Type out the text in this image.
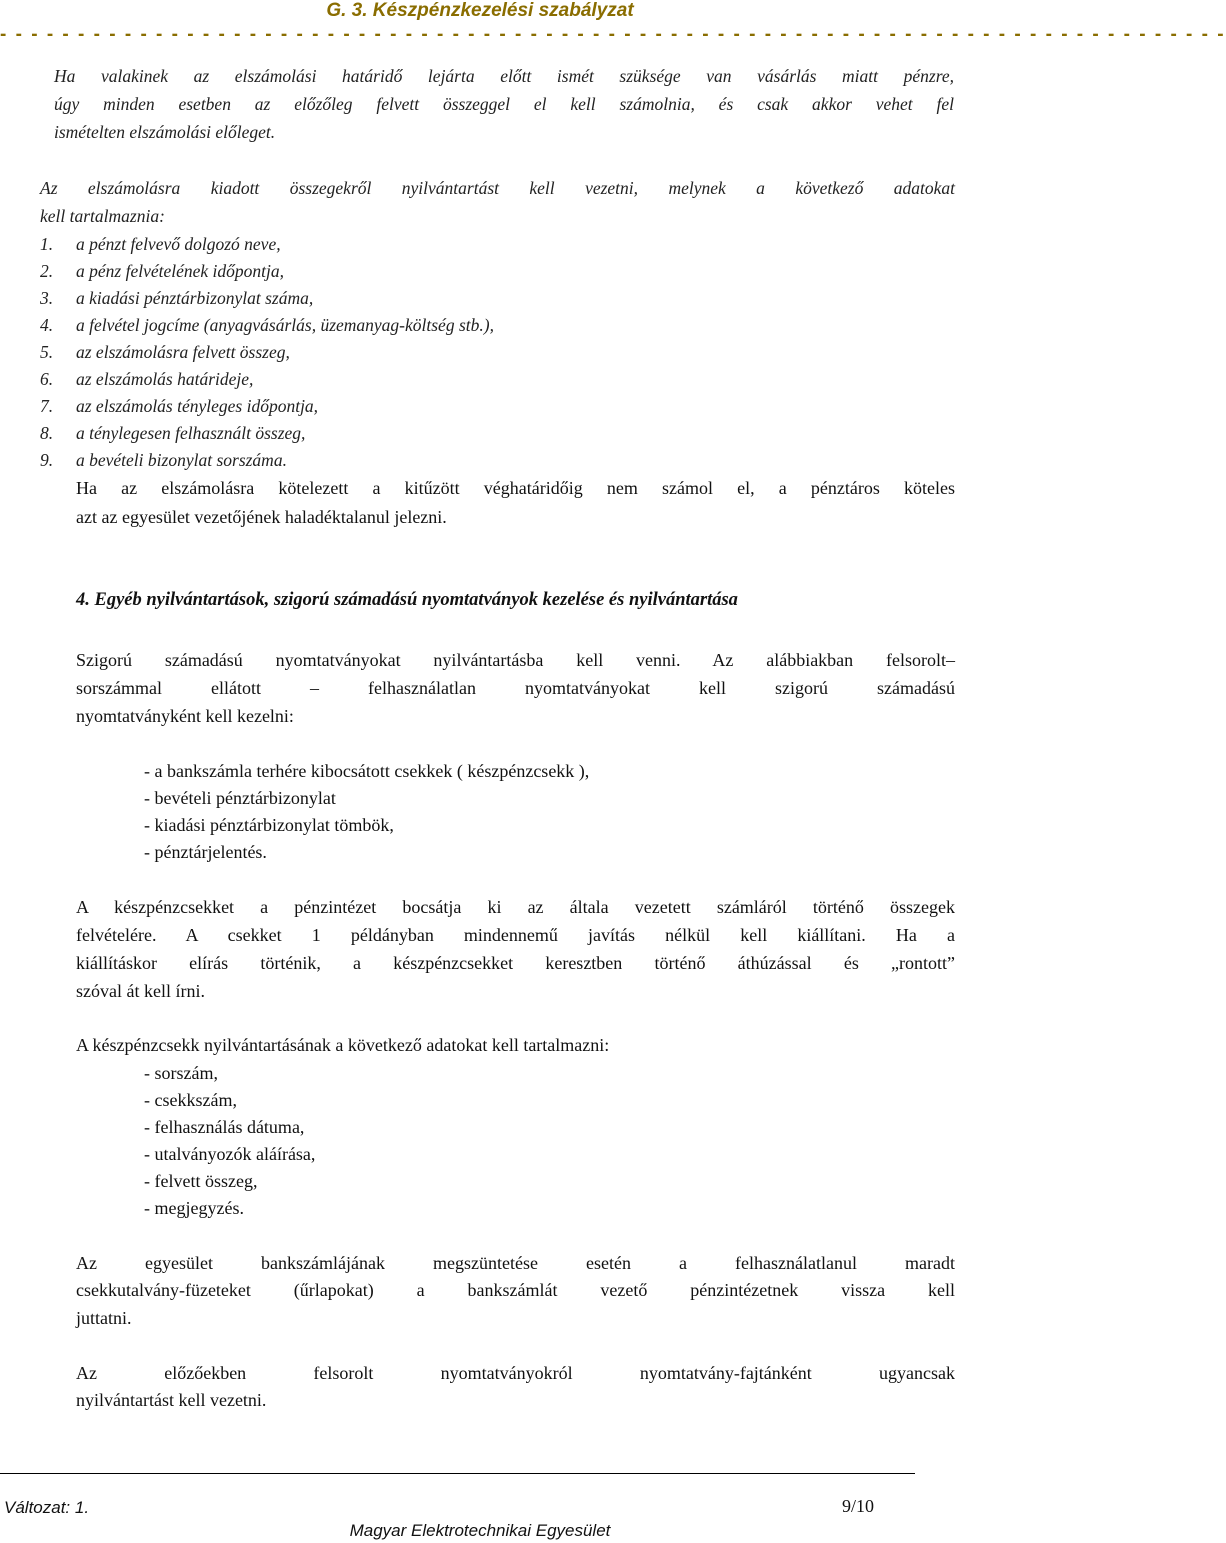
G. 3. Készpénzkezelési szabályzat
- - - - - - - - - - - - - - - - - - - - - - - - - - - - - - - - - - - - - - - - - - - - - - - - - - - - - - - - - - - - - - - - - - - - - - - - - - - - - - -
Ha valakinek az elszámolási határidő lejárta előtt ismét szüksége van vásárlás miatt pénzre,
úgy minden esetben az előzőleg felvett összeggel el kell számolnia, és csak akkor vehet fel
ismételten elszámolási előleget.
Az elszámolásra kiadott összegekről nyilvántartást kell vezetni, melynek a következő adatokat
kell tartalmaznia:
1. a pénzt felvevő dolgozó neve,
2. a pénz felvételének időpontja,
3. a kiadási pénztárbizonylat száma,
4. a felvétel jogcíme (anyagvásárlás, üzemanyag-költség stb.),
5. az elszámolásra felvett összeg,
6. az elszámolás határideje,
7. az elszámolás tényleges időpontja,
8. a ténylegesen felhasznált összeg,
9. a bevételi bizonylat sorszáma.
Ha az elszámolásra kötelezett a kitűzött véghatáridőig nem számol el, a pénztáros köteles
azt az egyesület vezetőjének haladéktalanul jelezni.
4. Egyéb nyilvántartások, szigorú számadású nyomtatványok kezelése és nyilvántartása
Szigorú számadású nyomtatványokat nyilvántartásba kell venni. Az alábbiakban felsorolt–
sorszámmal ellátott – felhasználatlan nyomtatványokat kell szigorú számadású
nyomtatványként kell kezelni:
- a bankszámla terhére kibocsátott csekkek ( készpénzcsekk ),
- bevételi pénztárbizonylat
- kiadási pénztárbizonylat tömbök,
- pénztárjelentés.
A készpénzcsekket a pénzintézet bocsátja ki az általa vezetett számláról történő összegek
felvételére. A csekket 1 példányban mindennemű javítás nélkül kell kiállítani. Ha a
kiállításkor elírás történik, a készpénzcsekket keresztben történő áthúzással és „rontott”
szóval át kell írni.
A készpénzcsekk nyilvántartásának a következő adatokat kell tartalmazni:
- sorszám,
- csekkszám,
- felhasználás dátuma,
- utalványozók aláírása,
- felvett összeg,
- megjegyzés.
Az egyesület bankszámlájának megszüntetése esetén a felhasználatlanul maradt
csekkutalvány-füzeteket (űrlapokat) a bankszámlát vezető pénzintézetnek vissza kell
juttatni.
Az előzőekben felsorolt nyomtatványokról nyomtatvány-fajtánként ugyancsak
nyilvántartást kell vezetni.
Változat: 1.	9/10
Magyar Elektrotechnikai Egyesület
